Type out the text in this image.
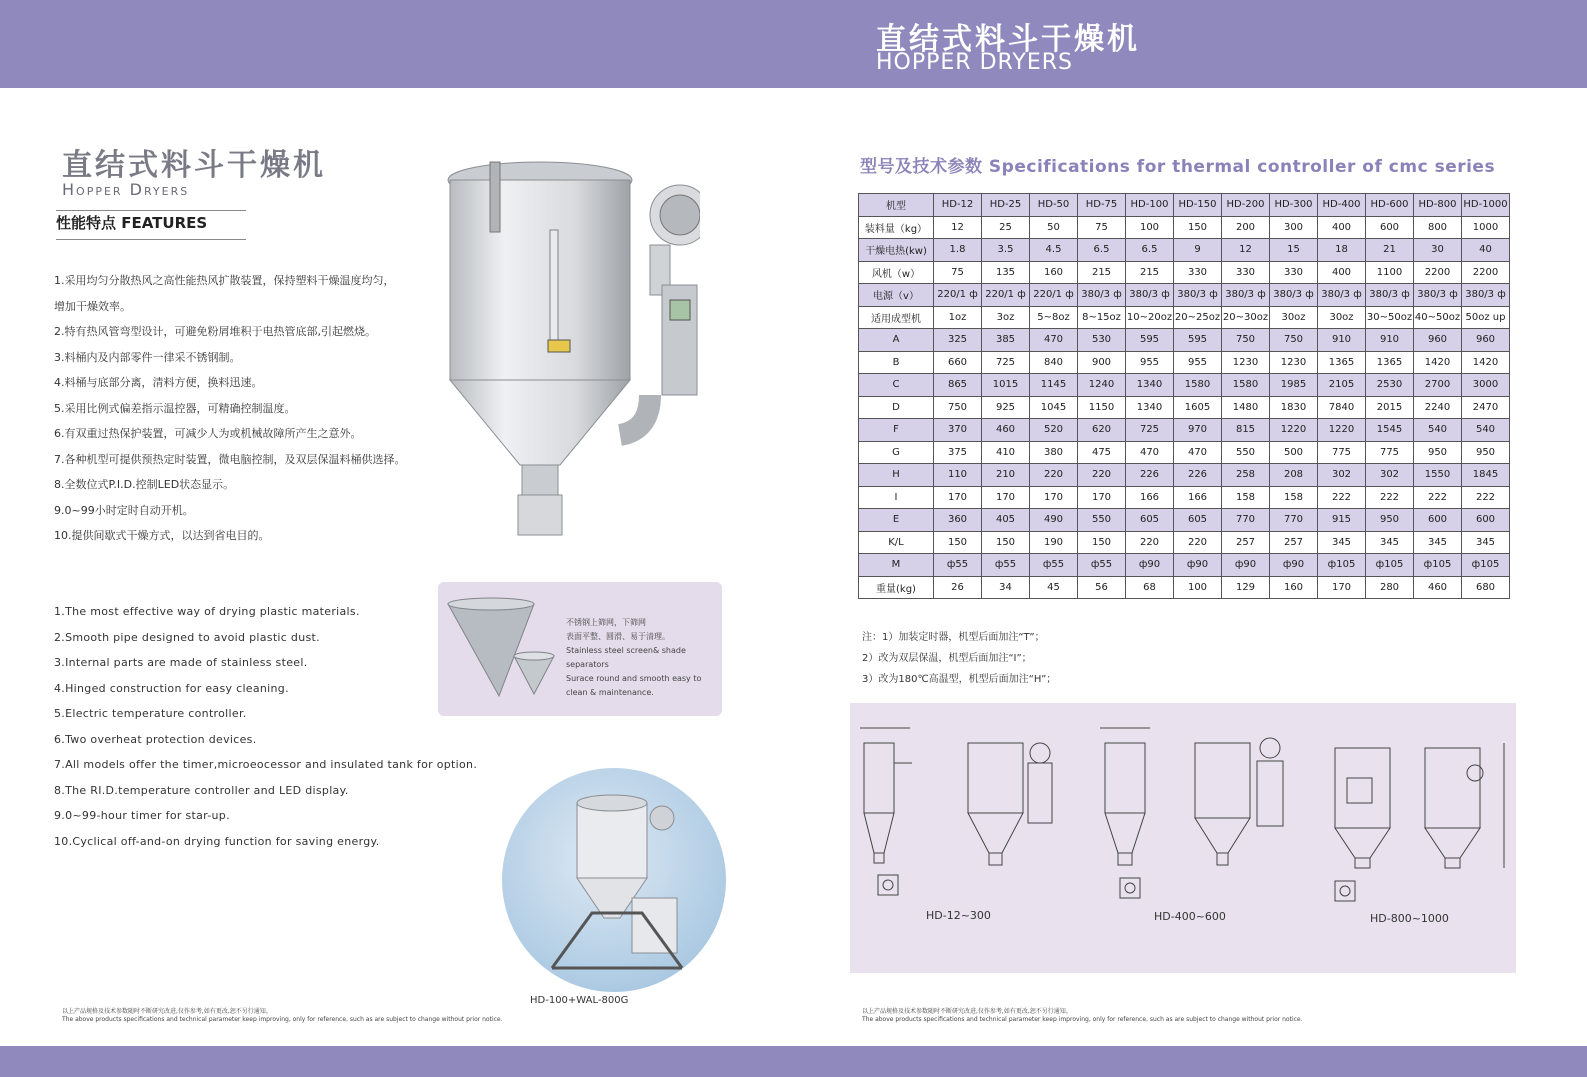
直结式料斗干燥机
HOPPER DRYERS
直结式料斗干燥机
Hopper Dryers
性能特点 FEATURES
1.采用均匀分散热风之高性能热风扩散装置，保持塑料干燥温度均匀，
增加干燥效率。
2.特有热风管弯型设计，可避免粉屑堆积于电热管底部,引起燃烧。
3.料桶内及内部零件一律采不锈钢制。
4.料桶与底部分离，清料方便，换料迅速。
5.采用比例式偏差指示温控器，可精确控制温度。
6.有双重过热保护装置，可减少人为或机械故障所产生之意外。
7.各种机型可提供预热定时装置，微电脑控制，及双层保温料桶供选择。
8.全数位式P.I.D.控制LED状态显示。
9.0~99小时定时自动开机。
10.提供间歇式干燥方式，以达到省电目的。
不锈钢上筛网，下筛网
表面平整、圆滑、易于清理。
Stainless steel screen& shade
separators
Surace round and smooth easy to
clean & maintenance.
1.The most effective way of drying plastic materials.
2.Smooth pipe designed to avoid plastic dust.
3.Internal parts are made of stainless steel.
4.Hinged construction for easy cleaning.
5.Electric temperature controller.
6.Two overheat protection devices.
7.All models offer the timer,microeocessor and insulated tank for option.
8.The RI.D.temperature controller and LED display.
9.0~99-hour timer for star-up.
10.Cyclical off-and-on drying function for saving energy.
HD-100+WAL-800G
以上产品规格及技术参数随时不断研究改进,仅作参考,如有更改,恕不另行通知。
The above products specifications and technical parameter keep improving, only for reference, such as are subject to change without prior notice.
型号及技术参数 Specifications for thermal controller of cmc series
机型	HD-12	HD-25	HD-50	HD-75	HD-100	HD-150	HD-200	HD-300	HD-400	HD-600	HD-800	HD-1000
装料量（kg）	12	25	50	75	100	150	200	300	400	600	800	1000
干燥电热(kw)	1.8	3.5	4.5	6.5	6.5	9	12	15	18	21	30	40
风机（w）	75	135	160	215	215	330	330	330	400	1100	2200	2200
电源（v）	220/1 ф	220/1 ф	220/1 ф	380/3 ф	380/3 ф	380/3 ф	380/3 ф	380/3 ф	380/3 ф	380/3 ф	380/3 ф	380/3 ф
适用成型机	1oz	3oz	5~8oz	8~15oz	10~20oz	20~25oz	20~30oz	30oz	30oz	30~50oz	40~50oz	50oz up
A	325	385	470	530	595	595	750	750	910	910	960	960
B	660	725	840	900	955	955	1230	1230	1365	1365	1420	1420
C	865	1015	1145	1240	1340	1580	1580	1985	2105	2530	2700	3000
D	750	925	1045	1150	1340	1605	1480	1830	7840	2015	2240	2470
F	370	460	520	620	725	970	815	1220	1220	1545	540	540
G	375	410	380	475	470	470	550	500	775	775	950	950
H	110	210	220	220	226	226	258	208	302	302	1550	1845
I	170	170	170	170	166	166	158	158	222	222	222	222
E	360	405	490	550	605	605	770	770	915	950	600	600
K/L	150	150	190	150	220	220	257	257	345	345	345	345
M	ф55	ф55	ф55	ф55	ф90	ф90	ф90	ф90	ф105	ф105	ф105	ф105
重量(kg)	26	34	45	56	68	100	129	160	170	280	460	680
注：1）加装定时器，机型后面加注“T”；
2）改为双层保温，机型后面加注“I”；
3）改为180℃高温型，机型后面加注“H”；
HD-12~300	HD-400~600	HD-800~1000
以上产品规格及技术参数随时不断研究改进,仅作参考,如有更改,恕不另行通知。
The above products specifications and technical parameter keep improving, only for reference, such as are subject to change without prior notice.
